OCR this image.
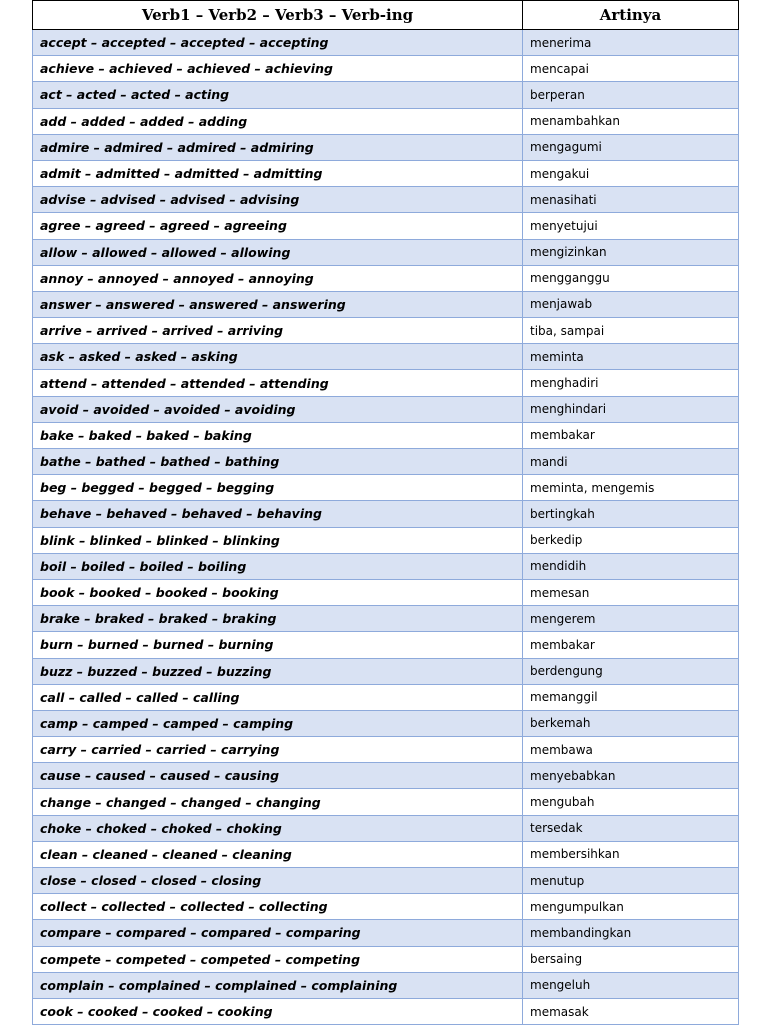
Verb1 – Verb2 – Verb3 – Verb-ing	Artinya
accept – accepted – accepted – accepting	menerima
achieve – achieved – achieved – achieving	mencapai
act – acted – acted – acting	berperan
add – added – added – adding	menambahkan
admire – admired – admired – admiring	mengagumi
admit – admitted – admitted – admitting	mengakui
advise – advised – advised – advising	menasihati
agree – agreed – agreed – agreeing	menyetujui
allow – allowed – allowed – allowing	mengizinkan
annoy – annoyed – annoyed – annoying	mengganggu
answer – answered – answered – answering	menjawab
arrive – arrived – arrived – arriving	tiba, sampai
ask – asked – asked – asking	meminta
attend – attended – attended – attending	menghadiri
avoid – avoided – avoided – avoiding	menghindari
bake – baked – baked – baking	membakar
bathe – bathed – bathed – bathing	mandi
beg – begged – begged – begging	meminta, mengemis
behave – behaved – behaved – behaving	bertingkah
blink – blinked – blinked – blinking	berkedip
boil – boiled – boiled – boiling	mendidih
book – booked – booked – booking	memesan
brake – braked – braked – braking	mengerem
burn – burned – burned – burning	membakar
buzz – buzzed – buzzed – buzzing	berdengung
call – called – called – calling	memanggil
camp – camped – camped – camping	berkemah
carry – carried – carried – carrying	membawa
cause – caused – caused – causing	menyebabkan
change – changed – changed – changing	mengubah
choke – choked – choked – choking	tersedak
clean – cleaned – cleaned – cleaning	membersihkan
close – closed – closed – closing	menutup
collect – collected – collected – collecting	mengumpulkan
compare – compared – compared – comparing	membandingkan
compete – competed – competed – competing	bersaing
complain – complained – complained – complaining	mengeluh
cook – cooked – cooked – cooking	memasak
